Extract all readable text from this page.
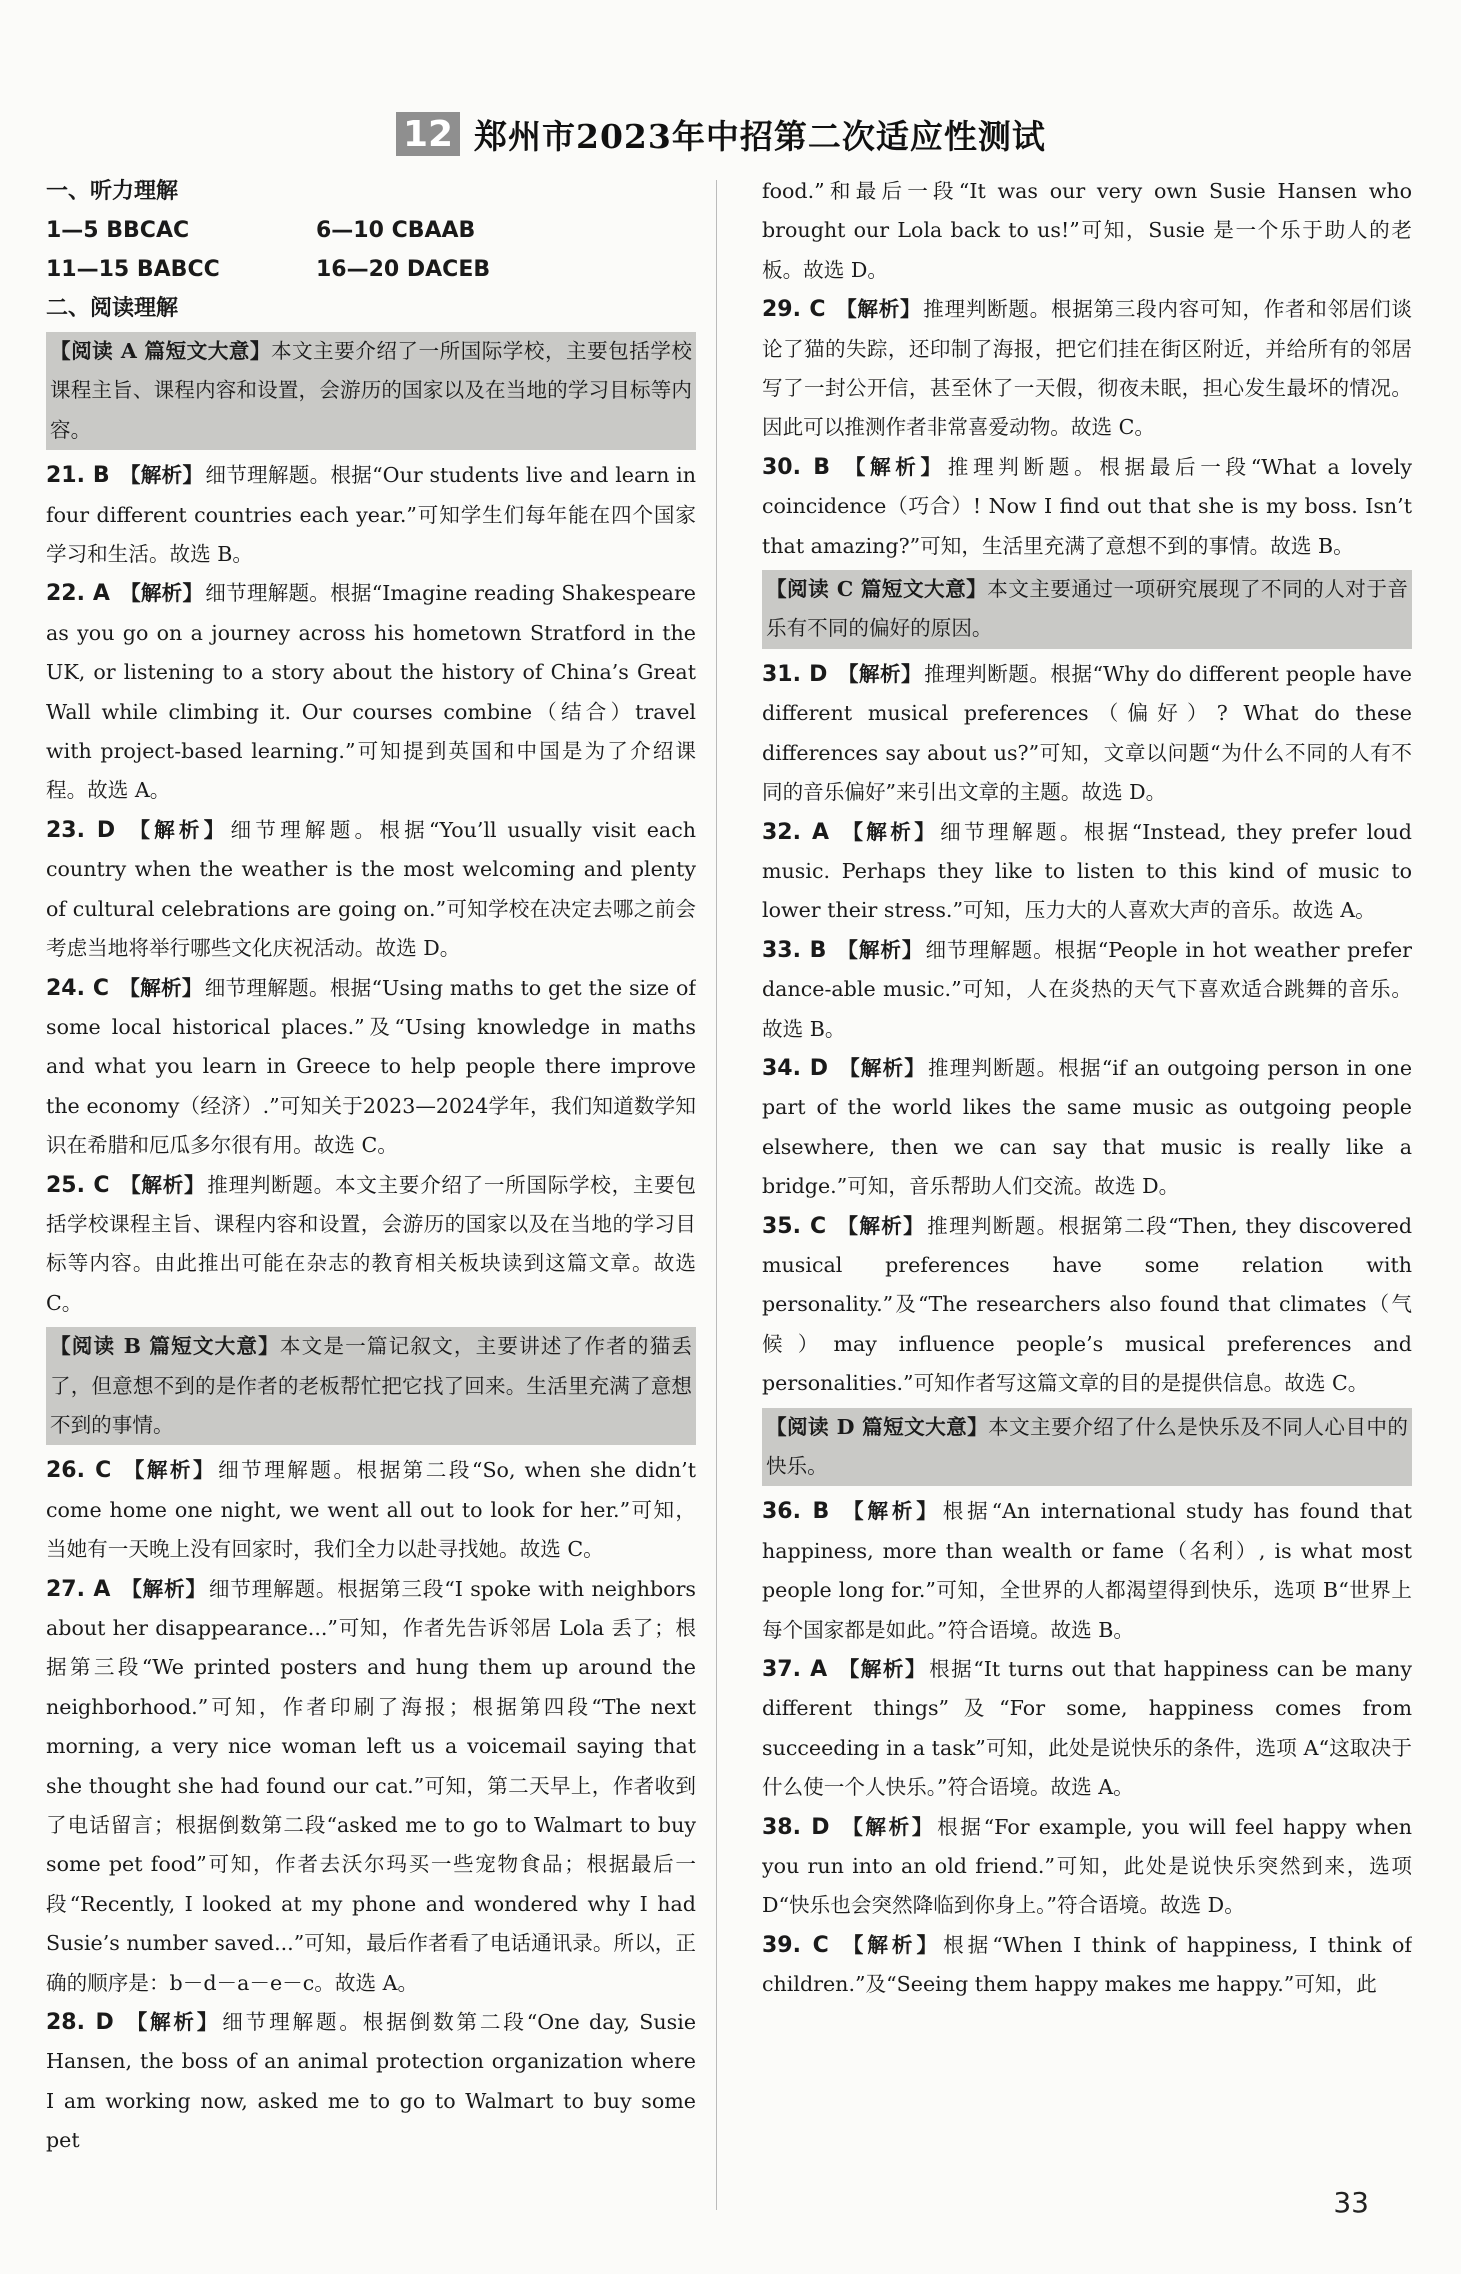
12 郑州市2023年中招第二次适应性测试
一、听力理解
1—5 BBCAC	6—10 CBAAB
11—15 BABCC	16—20 DACEB
二、阅读理解
【阅读 A 篇短文大意】本文主要介绍了一所国际学校，主要包括学校课程主旨、课程内容和设置，会游历的国家以及在当地的学习目标等内容。
21. B 【解析】细节理解题。根据“Our students live and learn in four different countries each year.”可知学生们每年能在四个国家学习和生活。故选 B。
22. A 【解析】细节理解题。根据“Imagine reading Shakespeare as you go on a journey across his hometown Stratford in the UK, or listening to a story about the history of China’s Great Wall while climbing it. Our courses combine（结合）travel with project-based learning.”可知提到英国和中国是为了介绍课程。故选 A。
23. D 【解析】细节理解题。根据“You’ll usually visit each country when the weather is the most welcoming and plenty of cultural celebrations are going on.”可知学校在决定去哪之前会考虑当地将举行哪些文化庆祝活动。故选 D。
24. C 【解析】细节理解题。根据“Using maths to get the size of some local historical places.”及“Using knowledge in maths and what you learn in Greece to help people there improve the economy（经济）.”可知关于2023—2024学年，我们知道数学知识在希腊和厄瓜多尔很有用。故选 C。
25. C 【解析】推理判断题。本文主要介绍了一所国际学校，主要包括学校课程主旨、课程内容和设置，会游历的国家以及在当地的学习目标等内容。由此推出可能在杂志的教育相关板块读到这篇文章。故选 C。
【阅读 B 篇短文大意】本文是一篇记叙文，主要讲述了作者的猫丢了，但意想不到的是作者的老板帮忙把它找了回来。生活里充满了意想不到的事情。
26. C 【解析】细节理解题。根据第二段“So, when she didn’t come home one night, we went all out to look for her.”可知，当她有一天晚上没有回家时，我们全力以赴寻找她。故选 C。
27. A 【解析】细节理解题。根据第三段“I spoke with neighbors about her disappearance...”可知，作者先告诉邻居 Lola 丢了；根据第三段“We printed posters and hung them up around the neighborhood.”可知，作者印刷了海报；根据第四段“The next morning, a very nice woman left us a voicemail saying that she thought she had found our cat.”可知，第二天早上，作者收到了电话留言；根据倒数第二段“asked me to go to Walmart to buy some pet food”可知，作者去沃尔玛买一些宠物食品；根据最后一段“Recently, I looked at my phone and wondered why I had Susie’s number saved...”可知，最后作者看了电话通讯录。所以，正确的顺序是：b－d－a－e－c。故选 A。
28. D 【解析】细节理解题。根据倒数第二段“One day, Susie Hansen, the boss of an animal protection organization where I am working now, asked me to go to Walmart to buy some pet
food.”和最后一段“It was our very own Susie Hansen who brought our Lola back to us!”可知，Susie 是一个乐于助人的老板。故选 D。
29. C 【解析】推理判断题。根据第三段内容可知，作者和邻居们谈论了猫的失踪，还印制了海报，把它们挂在街区附近，并给所有的邻居写了一封公开信，甚至休了一天假，彻夜未眠，担心发生最坏的情况。因此可以推测作者非常喜爱动物。故选 C。
30. B 【解析】推理判断题。根据最后一段“What a lovely coincidence（巧合）! Now I find out that she is my boss. Isn’t that amazing?”可知，生活里充满了意想不到的事情。故选 B。
【阅读 C 篇短文大意】本文主要通过一项研究展现了不同的人对于音乐有不同的偏好的原因。
31. D 【解析】推理判断题。根据“Why do different people have different musical preferences（偏好）? What do these differences say about us?”可知，文章以问题“为什么不同的人有不同的音乐偏好”来引出文章的主题。故选 D。
32. A 【解析】细节理解题。根据“Instead, they prefer loud music. Perhaps they like to listen to this kind of music to lower their stress.”可知，压力大的人喜欢大声的音乐。故选 A。
33. B 【解析】细节理解题。根据“People in hot weather prefer dance-able music.”可知，人在炎热的天气下喜欢适合跳舞的音乐。故选 B。
34. D 【解析】推理判断题。根据“if an outgoing person in one part of the world likes the same music as outgoing people elsewhere, then we can say that music is really like a bridge.”可知，音乐帮助人们交流。故选 D。
35. C 【解析】推理判断题。根据第二段“Then, they discovered musical preferences have some relation with personality.”及“The researchers also found that climates（气候）may influence people’s musical preferences and personalities.”可知作者写这篇文章的目的是提供信息。故选 C。
【阅读 D 篇短文大意】本文主要介绍了什么是快乐及不同人心目中的快乐。
36. B 【解析】根据“An international study has found that happiness, more than wealth or fame（名利）, is what most people long for.”可知，全世界的人都渴望得到快乐，选项 B“世界上每个国家都是如此。”符合语境。故选 B。
37. A 【解析】根据“It turns out that happiness can be many different things”及“For some, happiness comes from succeeding in a task”可知，此处是说快乐的条件，选项 A“这取决于什么使一个人快乐。”符合语境。故选 A。
38. D 【解析】根据“For example, you will feel happy when you run into an old friend.”可知，此处是说快乐突然到来，选项 D“快乐也会突然降临到你身上。”符合语境。故选 D。
39. C 【解析】根据“When I think of happiness, I think of children.”及“Seeing them happy makes me happy.”可知，此
33
